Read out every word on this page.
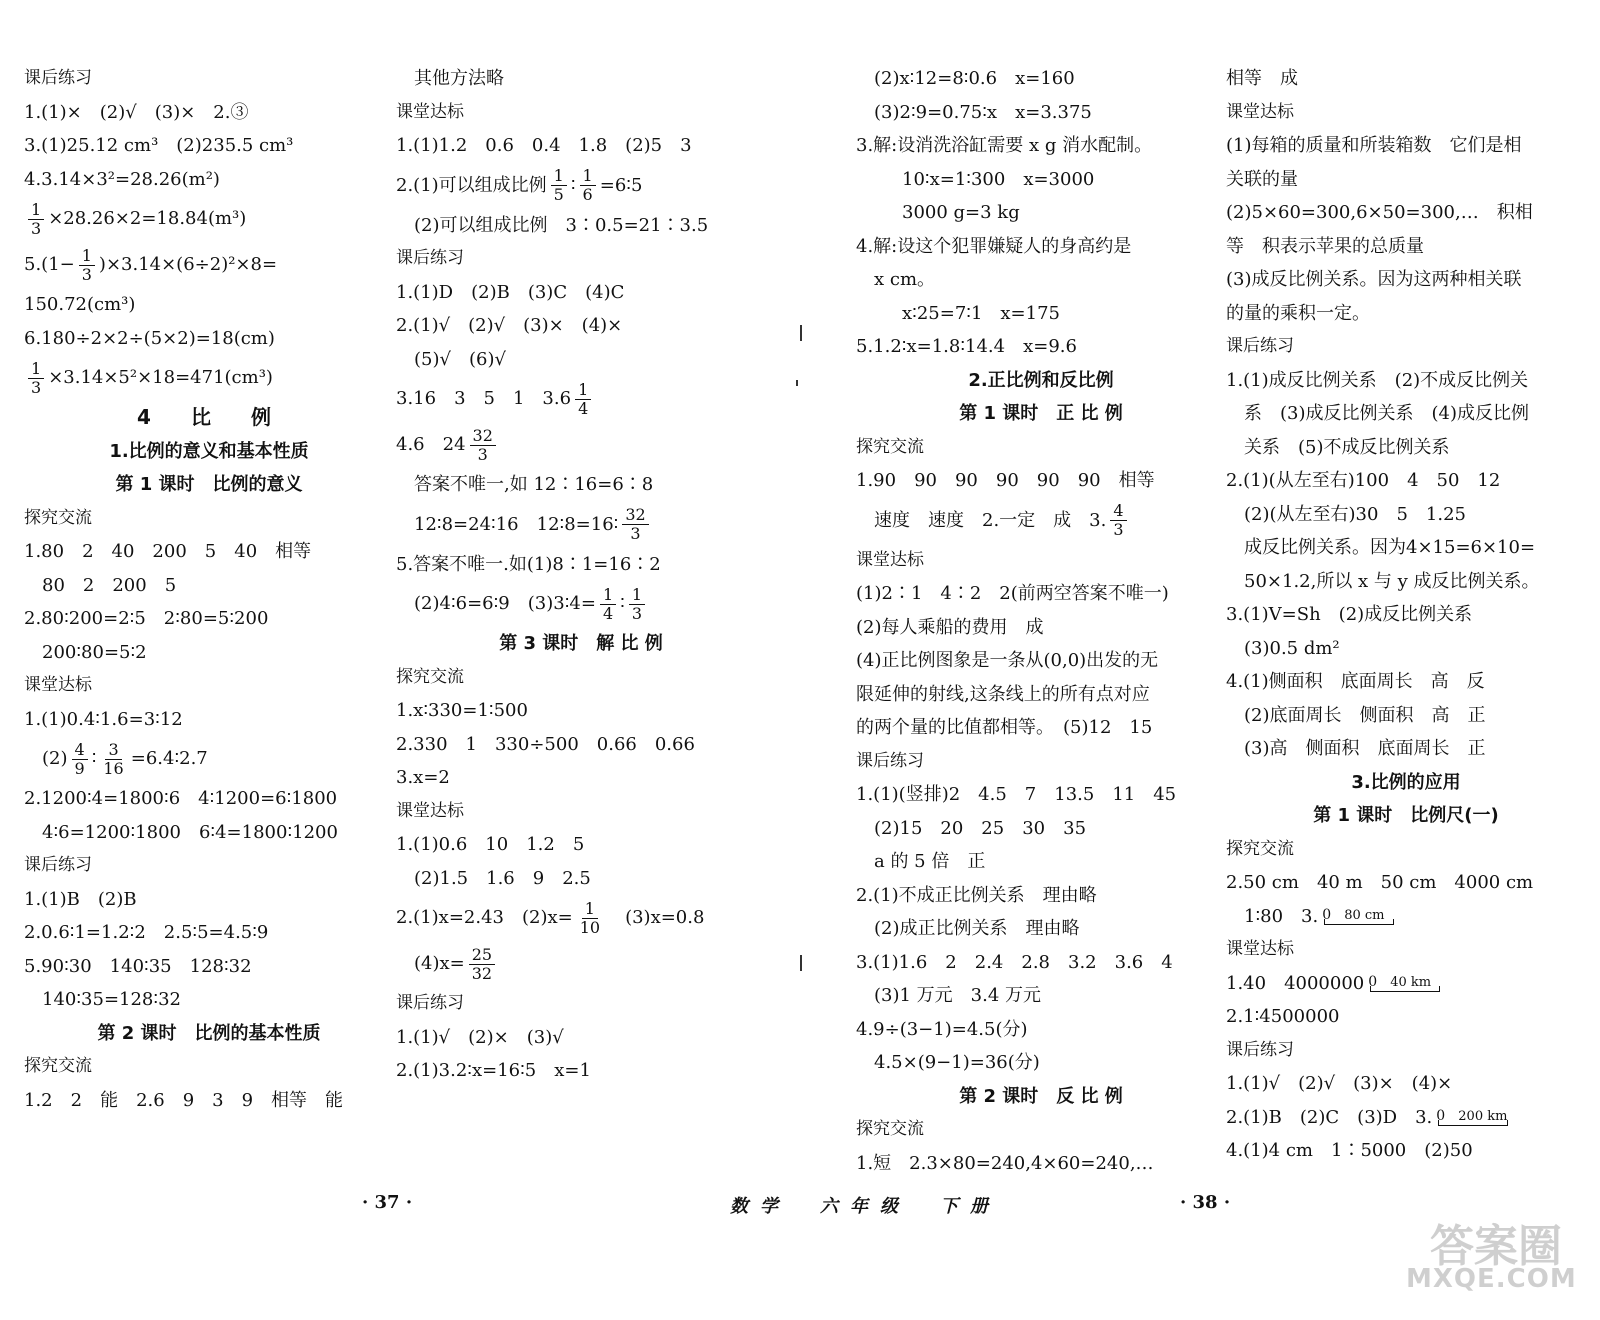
课后练习
1.(1)×　(2)√　(3)×　2.③
3.(1)25.12 cm³　(2)235.5 cm³
4.3.14×3²=28.26(m²)
$\frac{1}{3} \times 28.26\times 2=18.84(m^3)$
$5.(1- \frac{1}{3} )\times 3.14\times(6\div 2)^2\times 8=$
150.72(cm³)
6.180÷2×2÷(5×2)=18(cm)
$\frac{1}{3} \times 3.14\times 5^2\times 18=471(cm^3)$
4　比　例
1.比例的意义和基本性质
第 1 课时　比例的意义
探究交流
1.80　2　40　200　5　40　相等
80　2　200　5
2.80∶200=2∶5　2∶80=5∶200
200∶80=5∶2
课堂达标
1.(1)0.4∶1.6=3∶12
$(2) \frac{4}{9}$ ∶ $\frac{3}{16}$ =6.4∶2.7
2.1200∶4=1800∶6　4∶1200=6∶1800
4∶6=1200∶1800　6∶4=1800∶1200
课后练习
1.(1)B　(2)B
2.0.6∶1=1.2∶2　2.5∶5=4.5∶9
5.90∶30　140∶35　128∶32
140∶35=128∶32
第 2 课时　比例的基本性质
探究交流
1.2　2　能　2.6　9　3　9　相等　能
其他方法略
课堂达标
1.(1)1.2　0.6　0.4　1.8　(2)5　3
2.(1)可以组成比例 $\frac{1}{5}$ ∶ $\frac{1}{6}$ =6∶5
(2)可以组成比例　3∶0.5=21∶3.5
课后练习
1.(1)D　(2)B　(3)C　(4)C
2.(1)√　(2)√　(3)×　(4)×
(5)√　(6)√
3.16　3　5　1　$3.6 \frac{1}{4}$
4.6　$24 \frac{32}{3}$
答案不唯一,如 12∶16=6∶8
12∶8=24∶16　12∶8=16∶ $\frac{32}{3}$
5.答案不唯一.如(1)8∶1=16∶2
(2)4∶6=6∶9　(3)3∶4= $\frac{1}{4}$ ∶ $\frac{1}{3}$
第 3 课时　解 比 例
探究交流
1.x∶330=1∶500
2.330　1　330÷500　0.66　0.66
3.x=2
课堂达标
1.(1)0.6　10　1.2　5
(2)1.5　1.6　9　2.5
2.(1)x=2.43　$(2)x= \frac{1}{10}$ 　(3)x=0.8
$(4)x= \frac{25}{32}$
课后练习
1.(1)√　(2)×　(3)√
2.(1)3.2∶x=16∶5　x=1
(2)x∶12=8∶0.6　x=160
(3)2∶9=0.75∶x　x=3.375
3.解:设消洗浴缸需要 x g 消水配制。
10∶x=1∶300　x=3000
3000 g=3 kg
4.解:设这个犯罪嫌疑人的身高约是
x cm。
x∶25=7∶1　x=175
5.1.2∶x=1.8∶14.4　x=9.6
2.正比例和反比例
第 1 课时　正 比 例
探究交流
1.90　90　90　90　90　90　相等
速度　速度　2.一定　成　3. $\frac{4}{3}$
课堂达标
(1)2∶1　4∶2　2(前两空答案不唯一)
(2)每人乘船的费用　成
(4)正比例图象是一条从(0,0)出发的无
限延伸的射线,这条线上的所有点对应
的两个量的比值都相等。　(5)12　15
课后练习
1.(1)(竖排)2　4.5　7　13.5　11　45
(2)15　20　25　30　35
a 的 5 倍　正
2.(1)不成正比例关系　理由略
(2)成正比例关系　理由略
3.(1)1.6　2　2.4　2.8　3.2　3.6　4
(3)1 万元　3.4 万元
4.9÷(3−1)=4.5(分)
4.5×(9−1)=36(分)
第 2 课时　反 比 例
探究交流
1.短　2.3×80=240,4×60=240,…
相等　成
课堂达标
(1)每箱的质量和所装箱数　它们是相
关联的量
(2)5×60=300,6×50=300,…　积相
等　积表示苹果的总质量
(3)成反比例关系。因为这两种相关联
的量的乘积一定。
课后练习
1.(1)成反比例关系　(2)不成反比例关
系　(3)成反比例关系　(4)成反比例
关系　(5)不成反比例关系
2.(1)(从左至右)100　4　50　12
(2)(从左至右)30　5　1.25
成反比例关系。因为4×15=6×10=
50×1.2,所以 x 与 y 成反比例关系。
3.(1)V=Sh　(2)成反比例关系
(3)0.5 dm²
4.(1)侧面积　底面周长　高　反
(2)底面周长　侧面积　高　正
(3)高　侧面积　底面周长　正
3.比例的应用
第 1 课时　比例尺(一)
探究交流
2.50 cm　40 m　50 cm　4000 cm
1∶80　3. 0 80 cm
课堂达标
1.40　4000000 0 40 km
2.1∶4500000
课后练习
1.(1)√　(2)√　(3)×　(4)×
2.(1)B　(2)C　(3)D　3. 0 200 km
4.(1)4 cm　1∶5000　(2)50
· 37 ·	数学　六年级　下册	· 38 ·
答案圈
MXQE.COM
